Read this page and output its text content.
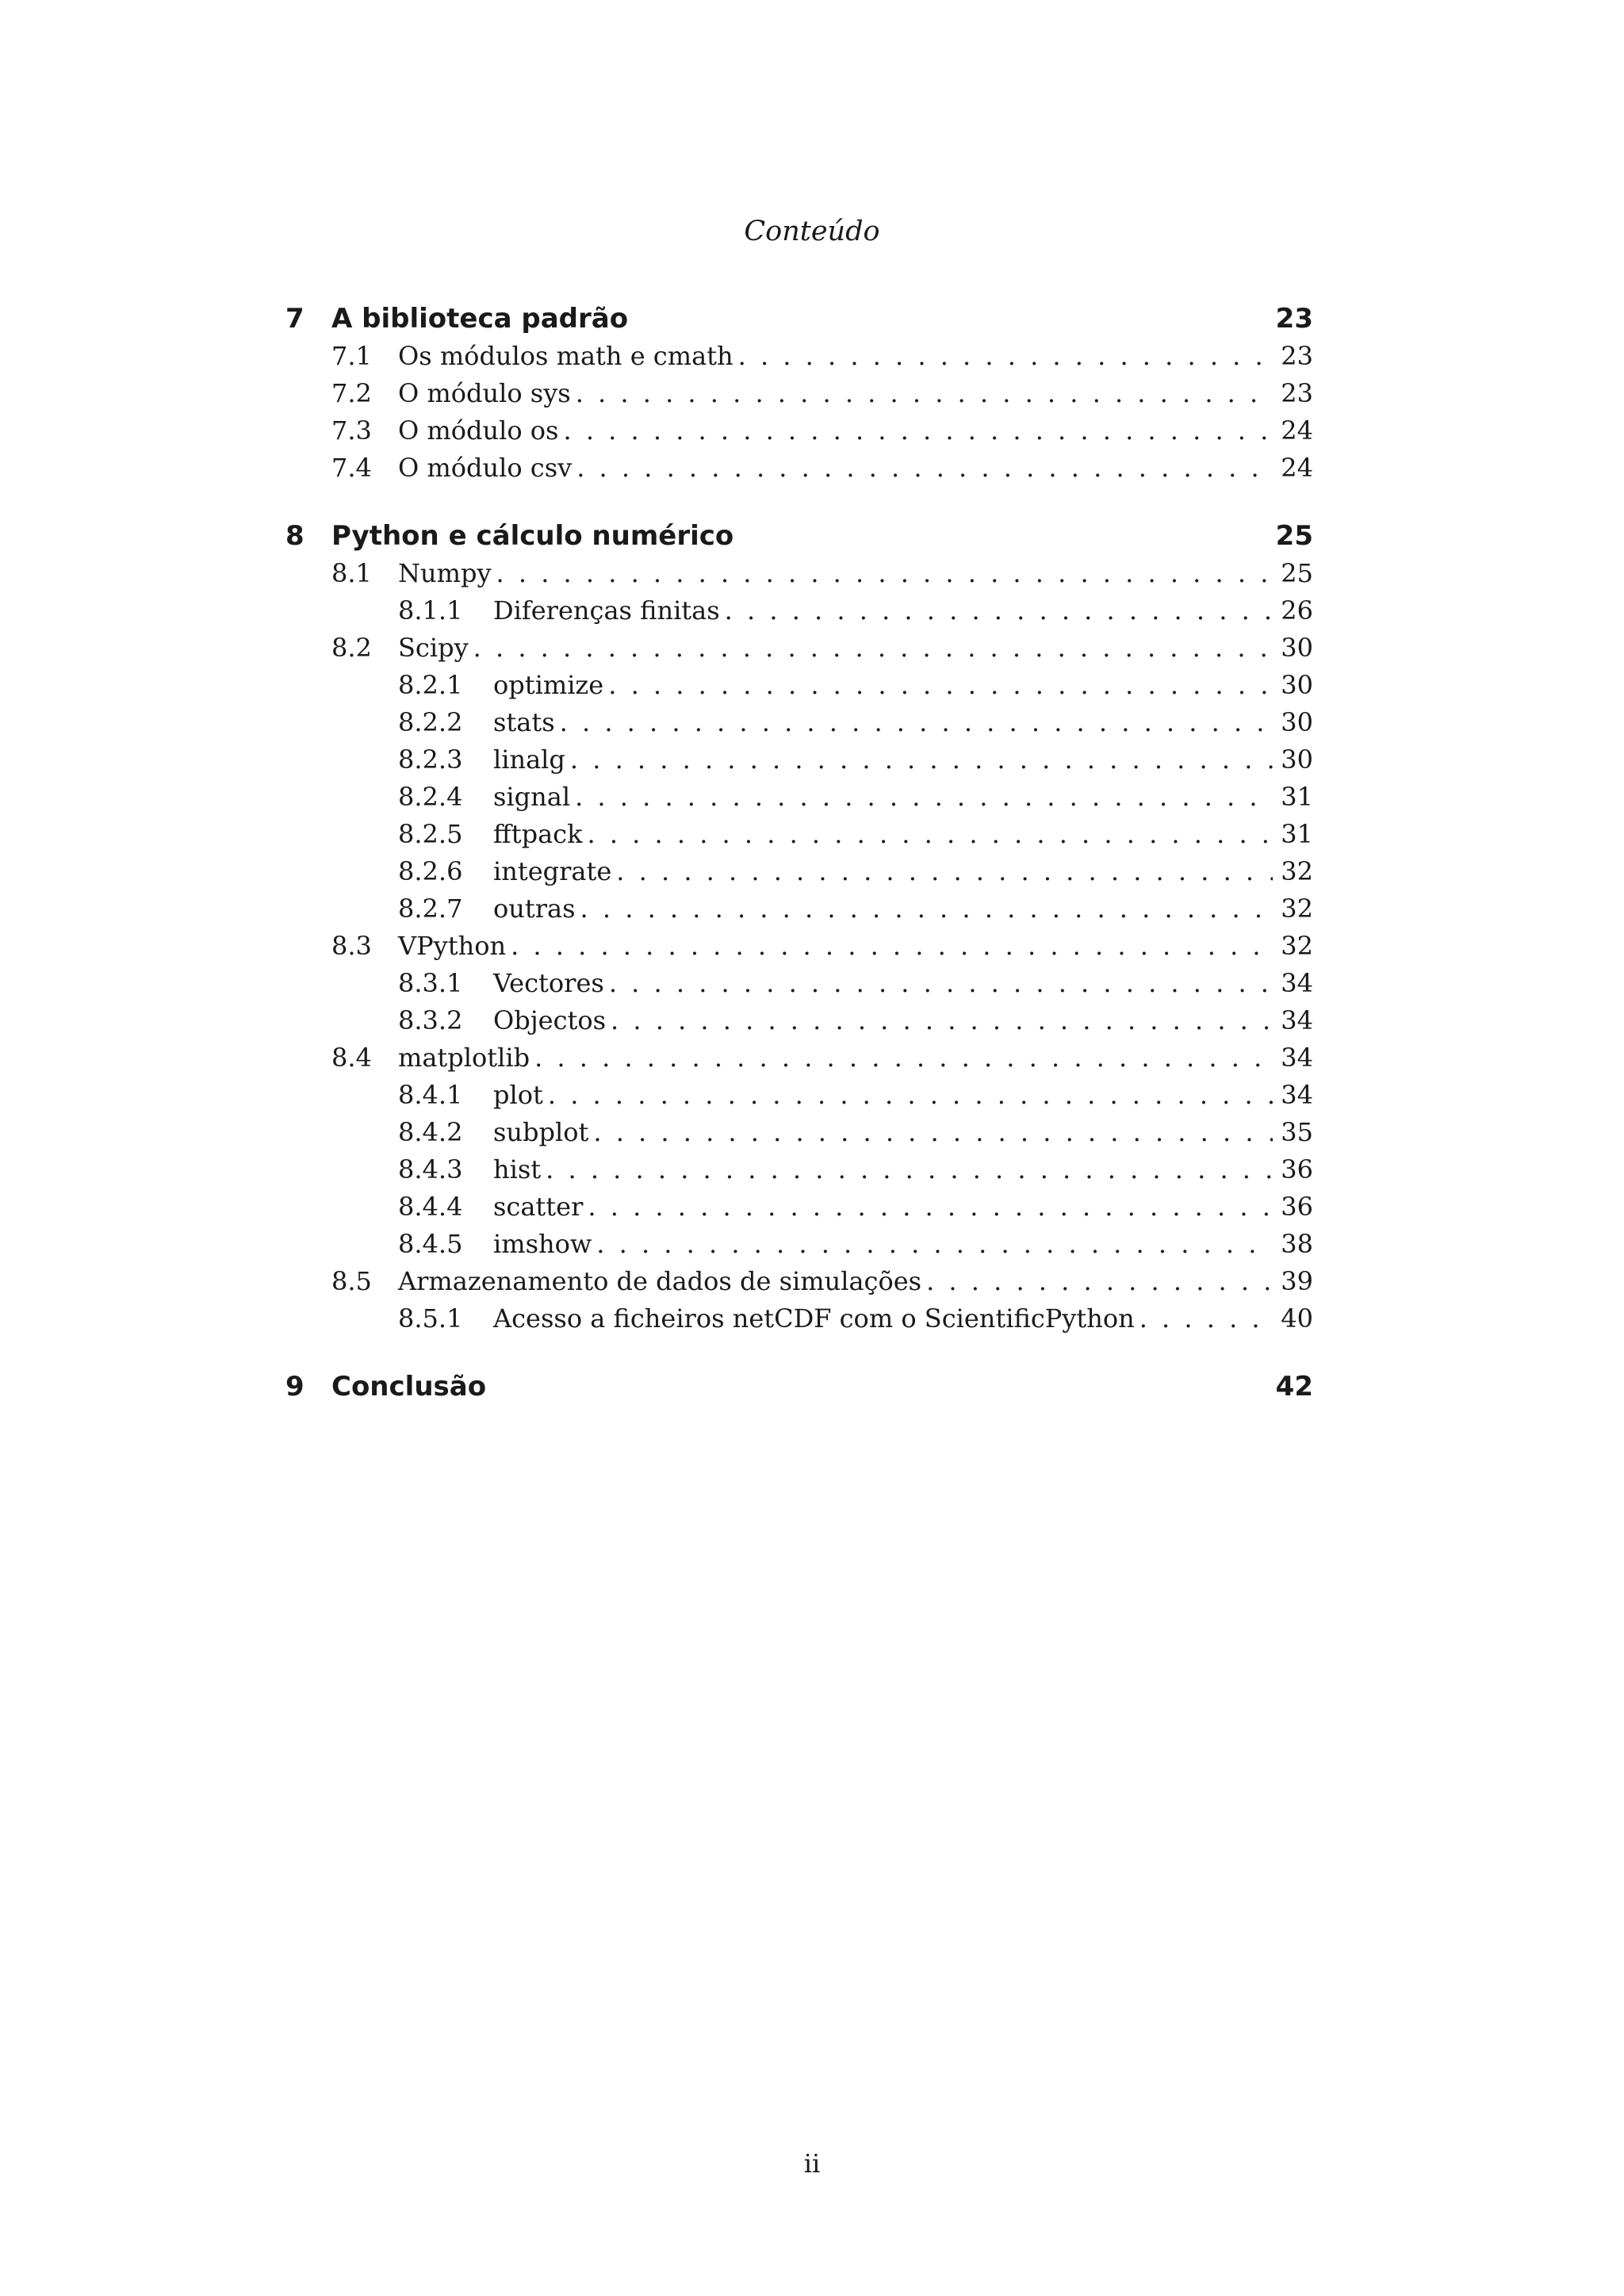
Conteúdo
7 A biblioteca padrão	23
7.1 Os módulos math e cmath . . .	23
7.2 O módulo sys . . .	23
7.3 O módulo os . . .	24
7.4 O módulo csv . . .	24
8 Python e cálculo numérico	25
8.1 Numpy . . .	25
8.1.1 Diferenças finitas . . .	26
8.2 Scipy . . .	30
8.2.1 optimize . . .	30
8.2.2 stats . . .	30
8.2.3 linalg . . .	30
8.2.4 signal . . .	31
8.2.5 fftpack . . .	31
8.2.6 integrate . . .	32
8.2.7 outras . . .	32
8.3 VPython . . .	32
8.3.1 Vectores . . .	34
8.3.2 Objectos . . .	34
8.4 matplotlib . . .	34
8.4.1 plot . . .	34
8.4.2 subplot . . .	35
8.4.3 hist . . .	36
8.4.4 scatter . . .	36
8.4.5 imshow . . .	38
8.5 Armazenamento de dados de simulações . . .	39
8.5.1 Acesso a ficheiros netCDF com o ScientificPython . . .	40
9 Conclusão	42
ii
